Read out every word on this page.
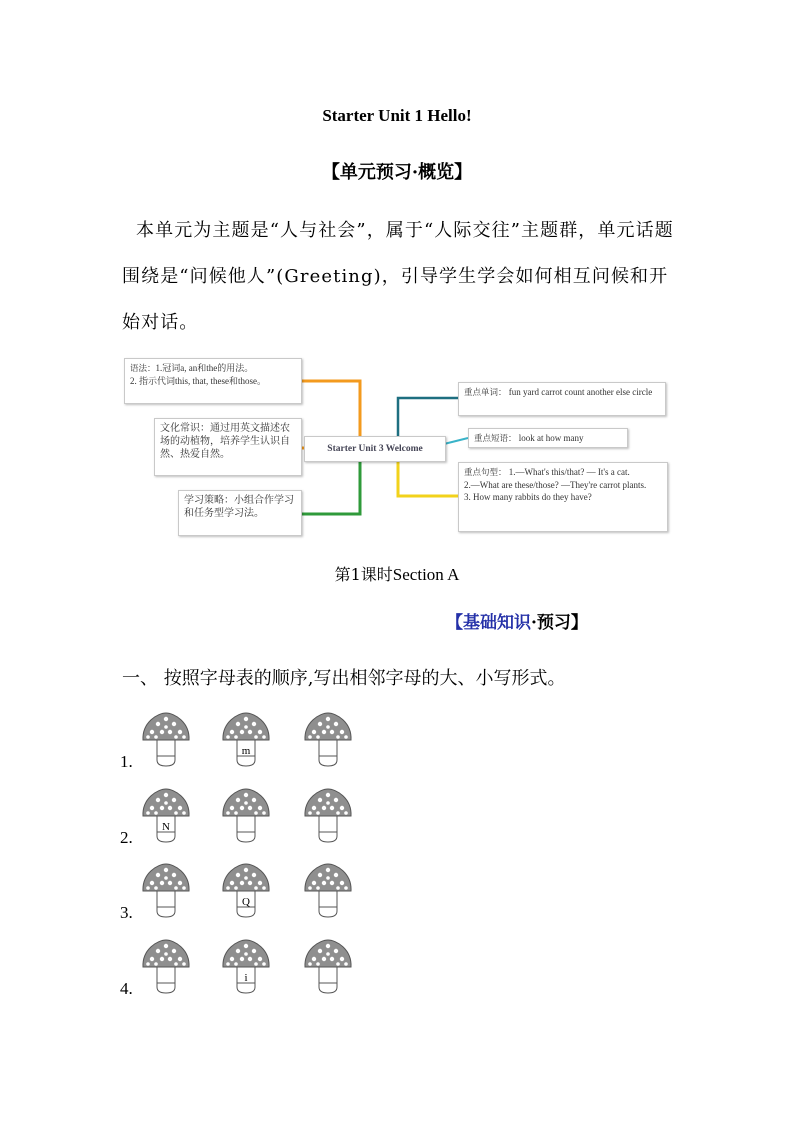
Starter Unit 1 Hello!
【单元预习·概览】
本单元为主题是“人与社会”，属于“人际交往”主题群，单元话题围绕是“问候他人”(Greeting)，引导学生学会如何相互问候和开始对话。
语法：1.冠词a, an和the的用法。
2. 指示代词this, that, these和those。
文化常识：通过用英文描述农场的动植物，培养学生认识自然、热爱自然。
学习策略：小组合作学习和任务型学习法。
Starter Unit 3 Welcome
重点单词： fun yard carrot count another else circle
重点短语： look at how many
重点句型： 1.—What's this/that? — It's a cat.
2.—What are these/those? —They're carrot plants.
3. How many rabbits do they have?
第1课时Section A
【基础知识·预习】
一、 按照字母表的顺序,写出相邻字母的大、小写形式。
1.
m
2.
N
3.
Q
4.
i
